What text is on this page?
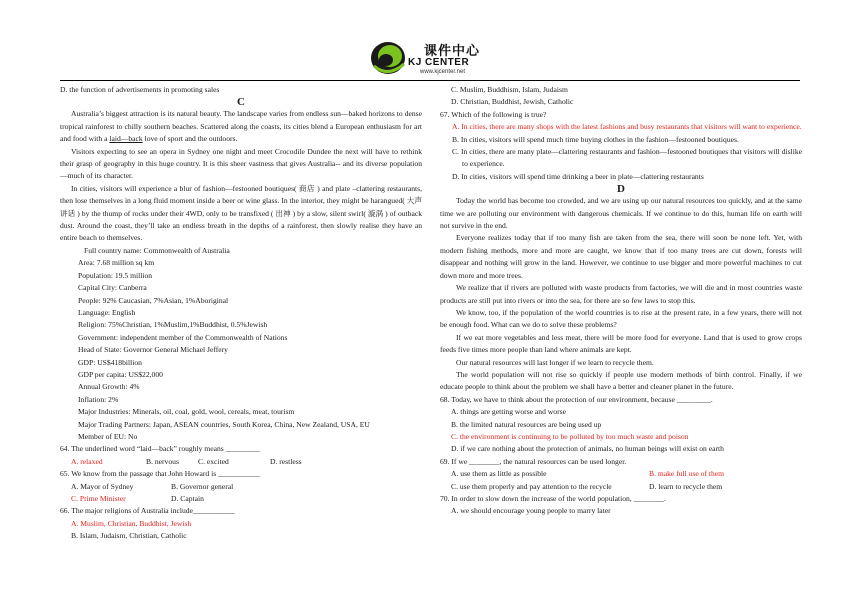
课件中心
KJ CENTER
www.kjcenter.net

D. the function of advertisements in promoting sales

C

Australia’s biggest attraction is its natural beauty. The landscape varies from endless sun—baked horizons to dense tropical rainforest to chilly southern beaches. Scattered along the coasts, its cities blend a European enthusiasm for art and food with a laid—back love of sport and the outdoors.

Visitors expecting to see an opera in Sydney one night and meet Crocodile Dundee the next will have to rethink their grasp of geography in this huge country. It is this sheer vastness that gives Australia-- and its diverse population—much of its character.

In cities, visitors will experience a blur of fashion—festooned boutiques( 商店 ) and plate –clattering restaurants, then lose themselves in a long fluid moment inside a beer or wine glass. In the interior, they might be harangued( 大声讲话 ) by the thump of rocks under their 4WD, only to be transfixed ( 出神 ) by a slow, silent swirl( 漩涡 ) of outback dust. Around the coast, they’ll take an endless breath in the depths of a rainforest, then slowly realise they have an entire beach to themselves.

Full country name: Commonwealth of Australia

Area: 7.68 million sq km

Population: 19.5 million

Capital City: Canberra

People: 92% Caucasian, 7%Asian, 1%Aboriginal

Language: English

Religion: 75%Christian, 1%Muslim,1%Buddhist, 0.5%Jewish

Government: independent member of the Commonwealth of Nations

Head of State: Governor General Michael Jeffery

GDP: US$418billion

GDP per capita: US$22,000

Annual Growth: 4%

Inflation: 2%

Major Industries: Minerals, oil, coal, gold, wool, cereals, meat, tourism

Major Trading Partners: Japan, ASEAN countries, South Korea, China, New Zealand, USA, EU

Member of EU: No

64. The underlined word “laid—back” roughly means _________

A. relaxed	B. nervous	C. excited	D. restless

65. We know from the passage that John Howard is ___________

A. Mayor of Sydney	B. Governor general

C. Prime Minister	D. Captain

66. The major religions of Australia include___________

A. Muslim, Christian, Buddhist, Jewish

B. Islam, Judaism, Christian, Catholic

C. Muslim, Buddhism, Islam, Judaism

D. Christian, Buddhist, Jewish, Catholic

67. Which of the following is true?

A. In cities, there are many shops with the latest fashions and busy restaurants that visitors will want to experience.

B. In cities, visitors will spend much time buying clothes in the fashion—festooned boutiques.

C. In cities, there are many plate—clattering restaurants and fashion—festooned boutiques that visitors will dislike to experience.

D. In cities, visitors will spend time drinking a beer in plate—clattering restaurants

D

Today the world has become too crowded, and we are using up our natural resources too quickly, and at the same time we are polluting our environment with dangerous chemicals. If we continue to do this, human life on earth will not survive in the end.

Everyone realizes today that if too many fish are taken from the sea, there will soon be none left. Yet, with modern fishing methods, more and more are caught, we know that if too many trees are cut down, forests will disappear and nothing will grow in the land. However, we continue to use bigger and more powerful machines to cut down more and more trees.

We realize that if rivers are polluted with waste products from factories, we will die and in most countries waste products are still put into rivers or into the sea, for there are so few laws to stop this.

We know, too, if the population of the world countries is to rise at the present rate, in a few years, there will not be enough food. What can we do to solve these problems?

If we eat more vegetables and less meat, there will be more food for everyone. Land that is used to grow crops feeds five times more people than land where animals are kept.

Our natural resources will last longer if we learn to recycle them.

The world population will not rise so quickly if people use modern methods of birth control. Finally, if we educate people to think about the problem we shall have a better and cleaner planet in the future.

68. Today, we have to think about the protection of our environment, because _________.

A. things are getting worse and worse

B. the limited natural resources are being used up

C. the environment is continuing to be polluted by too much waste and poison

D. if we care nothing about the protection of animals, no human beings will exist on earth

69. If we ________, the natural resources can be used longer.

A. use them as little as possible	B. make full use of them

C. use them properly and pay attention to the recycle	D. learn to recycle them

70. In order to slow down the increase of the world population, ________.

A. we should encourage young people to marry later
